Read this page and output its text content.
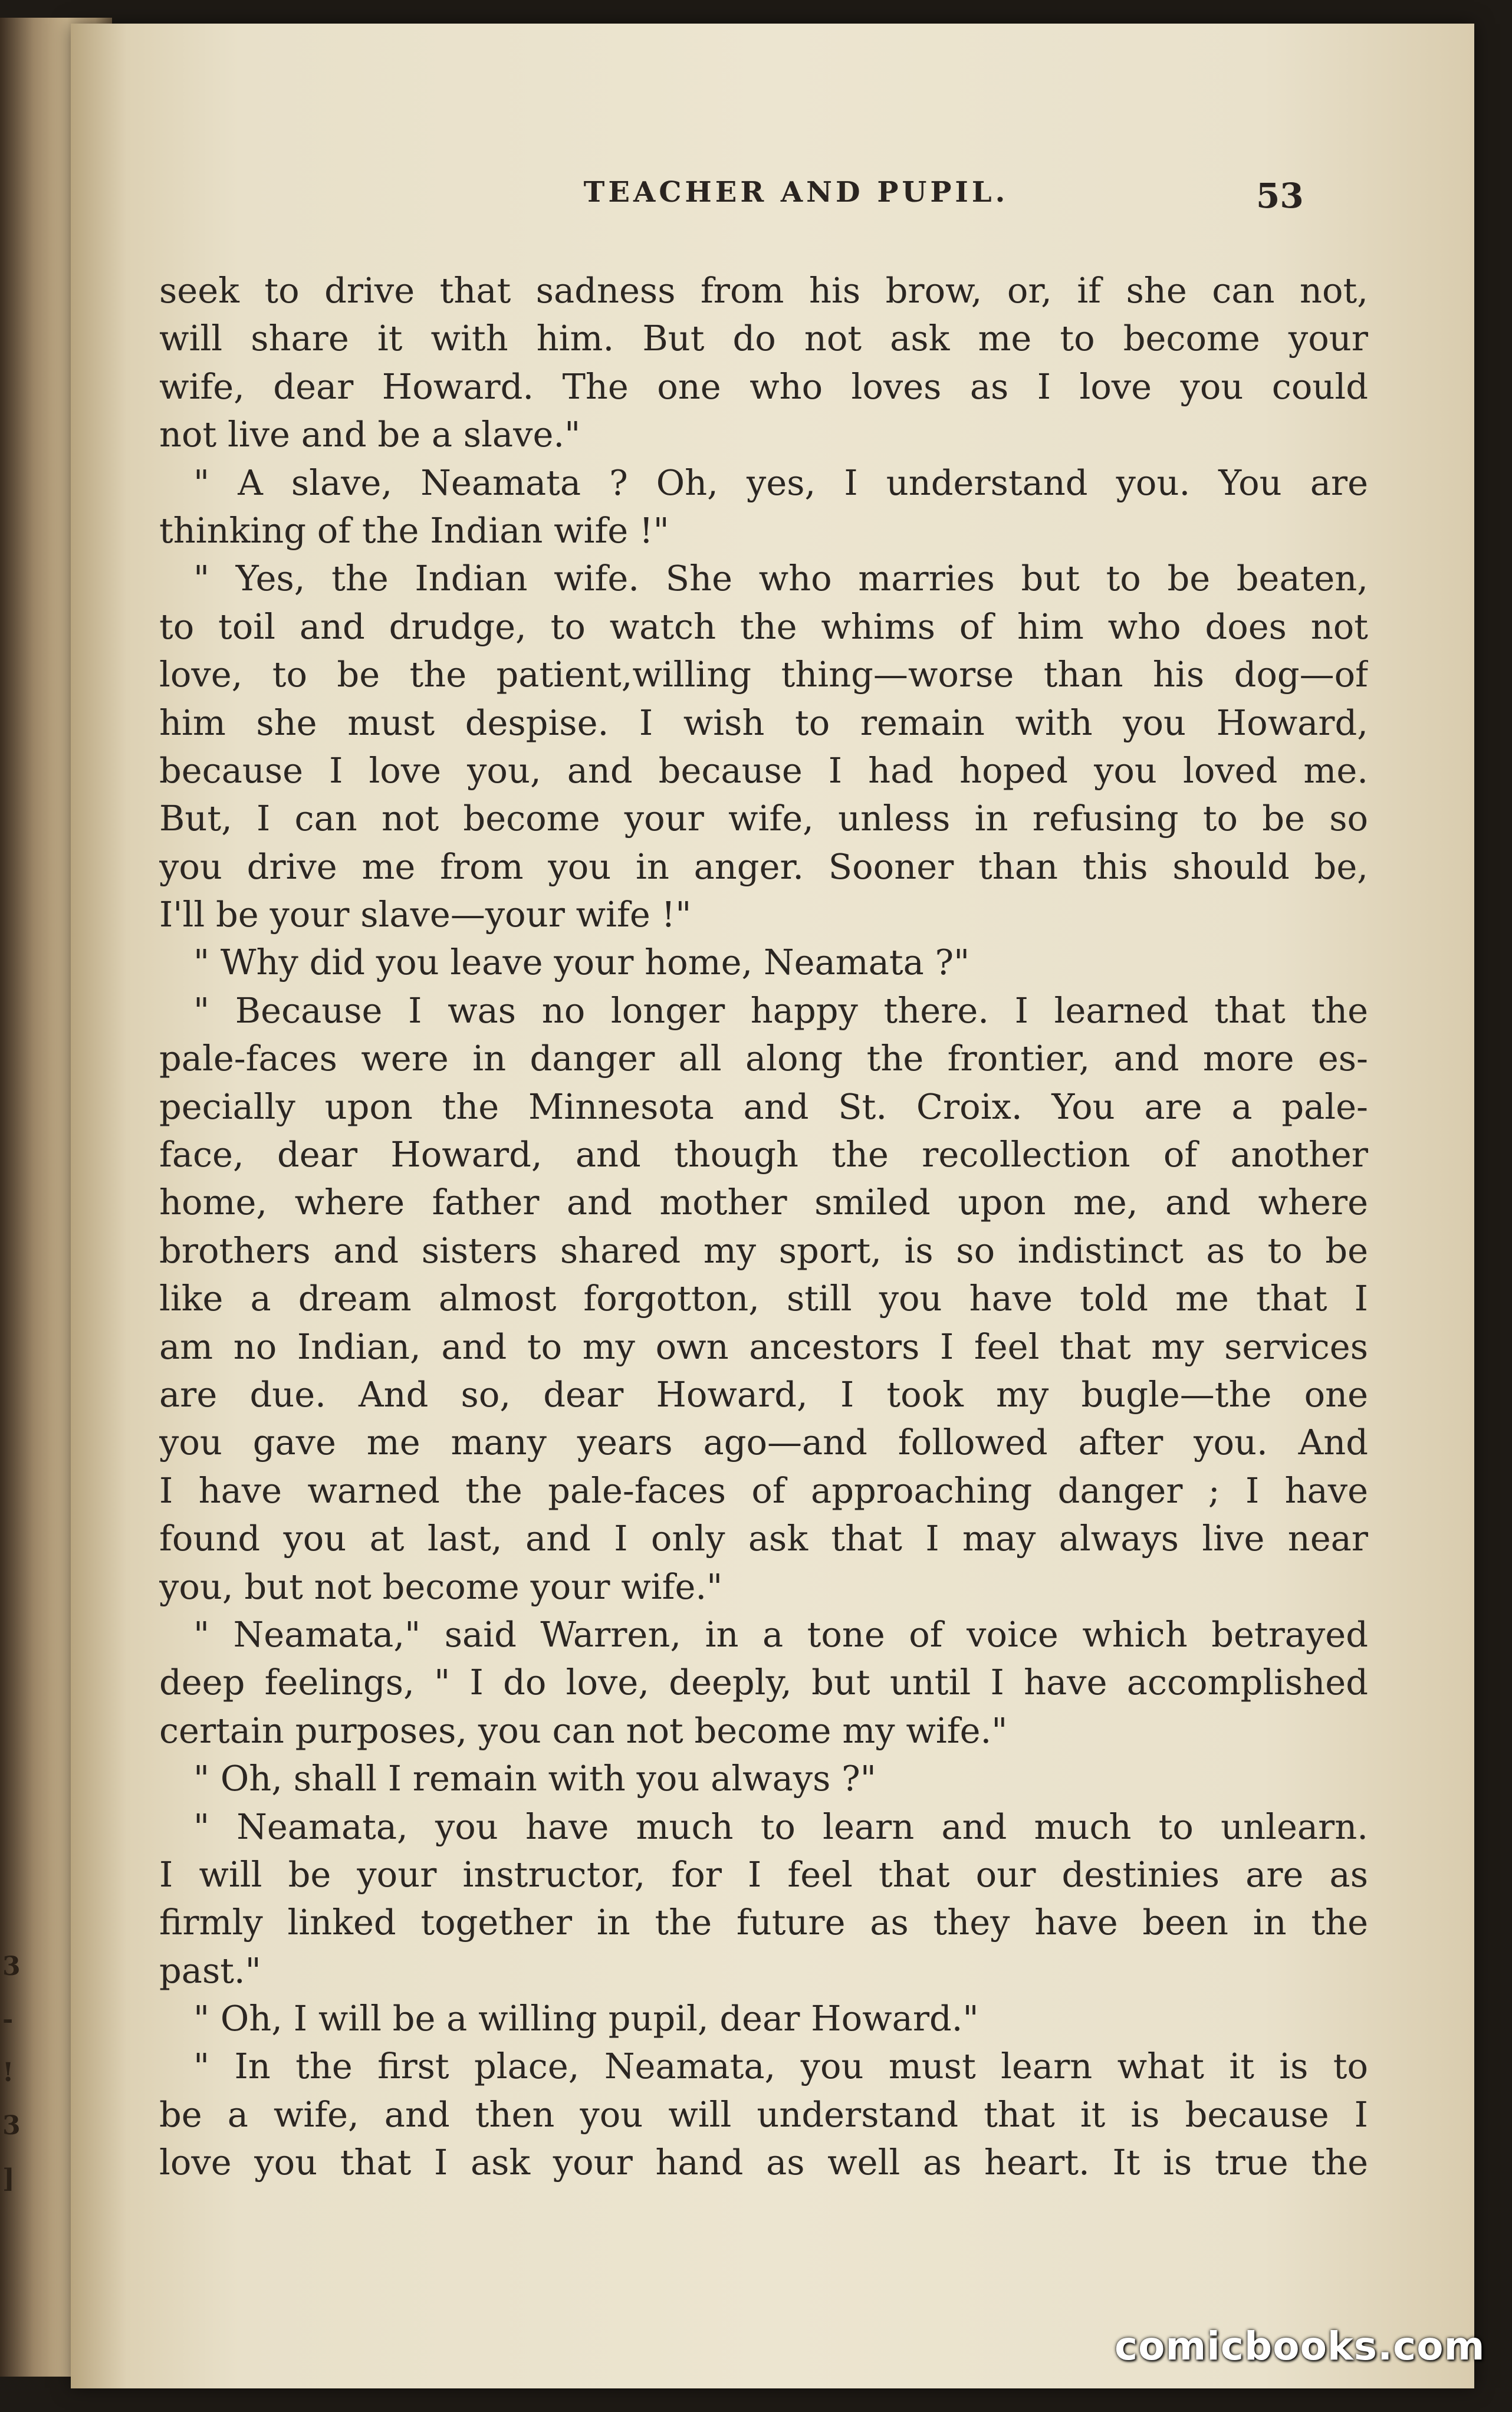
3
-
!
3
]
TEACHER AND PUPIL.	53
seek to drive that sadness from his brow, or, if she can not,
will share it with him. But do not ask me to become your
wife, dear Howard. The one who loves as I love you could
not live and be a slave."
" A slave, Neamata ? Oh, yes, I understand you. You are
thinking of the Indian wife !"
" Yes, the Indian wife. She who marries but to be beaten,
to toil and drudge, to watch the whims of him who does not
love, to be the patient,willing thing—worse than his dog—of
him she must despise. I wish to remain with you Howard,
because I love you, and because I had hoped you loved me.
But, I can not become your wife, unless in refusing to be so
you drive me from you in anger. Sooner than this should be,
I'll be your slave—your wife !"
" Why did you leave your home, Neamata ?"
" Because I was no longer happy there. I learned that the
pale-faces were in danger all along the frontier, and more es-
pecially upon the Minnesota and St. Croix. You are a pale-
face, dear Howard, and though the recollection of another
home, where father and mother smiled upon me, and where
brothers and sisters shared my sport, is so indistinct as to be
like a dream almost forgotton, still you have told me that I
am no Indian, and to my own ancestors I feel that my services
are due. And so, dear Howard, I took my bugle—the one
you gave me many years ago—and followed after you. And
I have warned the pale-faces of approaching danger ; I have
found you at last, and I only ask that I may always live near
you, but not become your wife."
" Neamata," said Warren, in a tone of voice which betrayed
deep feelings, " I do love, deeply, but until I have accomplished
certain purposes, you can not become my wife."
" Oh, shall I remain with you always ?"
" Neamata, you have much to learn and much to unlearn.
I will be your instructor, for I feel that our destinies are as
firmly linked together in the future as they have been in the
past."
" Oh, I will be a willing pupil, dear Howard."
" In the first place, Neamata, you must learn what it is to
be a wife, and then you will understand that it is because I
love you that I ask your hand as well as heart. It is true the
comicbooks.com
